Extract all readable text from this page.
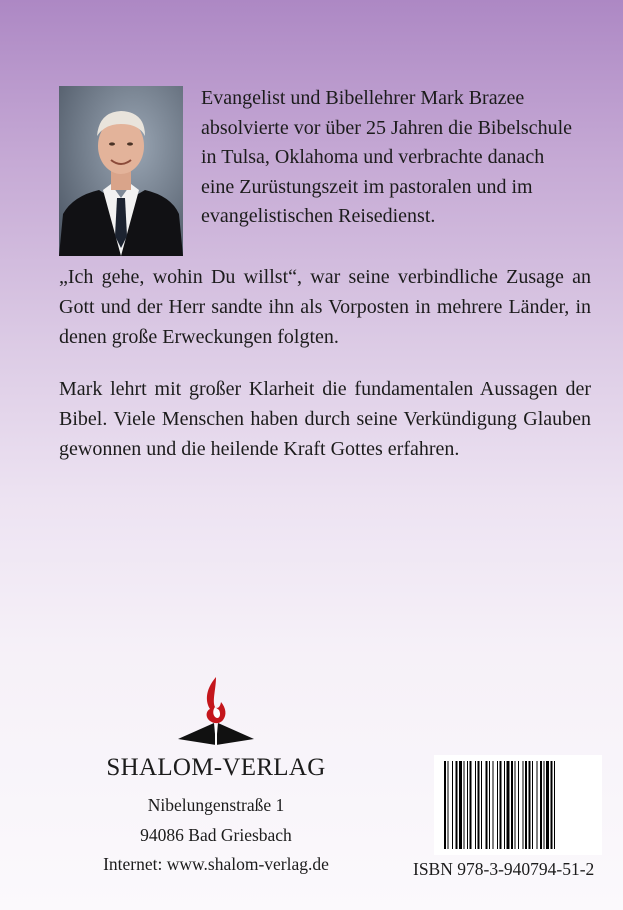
Evangelist und Bibellehrer Mark Brazee absolvierte vor über 25 Jahren die Bibelschule in Tulsa, Oklahoma und verbrachte danach eine Zurüstungszeit im pastoralen und im evangelistischen Reisedienst.
„Ich gehe, wohin Du willst“, war seine verbindliche Zusage an Gott und der Herr sandte ihn als Vorposten in mehrere Länder, in denen große Erweckungen folgten.
Mark lehrt mit großer Klarheit die fundamentalen Aussagen der Bibel. Viele Menschen haben durch seine Verkündigung Glauben gewonnen und die heilende Kraft Gottes erfahren.
SHALOM-VERLAG
Nibelungenstraße 1
94086 Bad Griesbach
Internet: www.shalom-verlag.de	ISBN 978-3-940794-51-2
